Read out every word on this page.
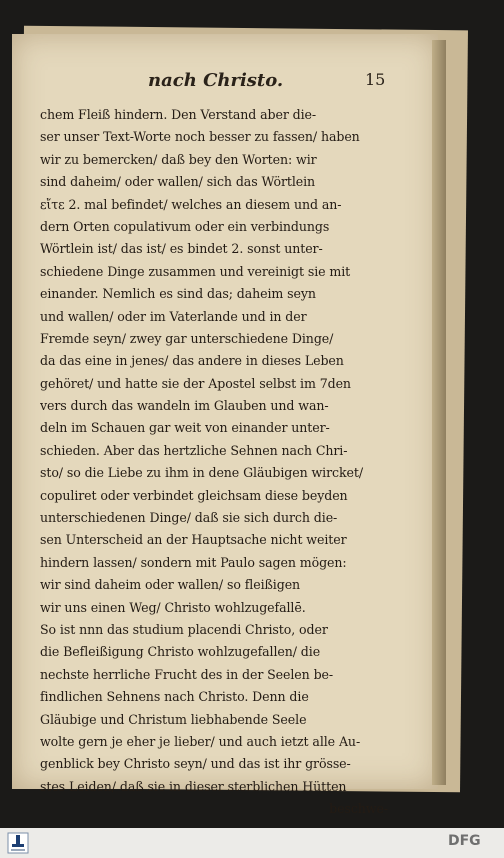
nach Christo.	15
chem Fleiß hindern. Den Verstand aber die-
ser unser Text-Worte noch besser zu fassen/ haben
wir zu bemercken/ daß bey den Worten: wir
sind daheim/ oder wallen/ sich das Wörtlein
εἴτε 2. mal befindet/ welches an diesem und an-
dern Orten copulativum oder ein verbindungs
Wörtlein ist/ das ist/ es bindet 2. sonst unter-
schiedene Dinge zusammen und vereinigt sie mit
einander. Nemlich es sind das; daheim seyn
und wallen/ oder im Vaterlande und in der
Fremde seyn/ zwey gar unterschiedene Dinge/
da das eine in jenes/ das andere in dieses Leben
gehöret/ und hatte sie der Apostel selbst im 7den
vers durch das wandeln im Glauben und wan-
deln im Schauen gar weit von einander unter-
schieden. Aber das hertzliche Sehnen nach Chri-
sto/ so die Liebe zu ihm in dene Gläubigen wircket/
copuliret oder verbindet gleichsam diese beyden
unterschiedenen Dinge/ daß sie sich durch die-
sen Unterscheid an der Hauptsache nicht weiter
hindern lassen/ sondern mit Paulo sagen mögen:
wir sind daheim oder wallen/ so fleißigen
wir uns einen Weg/ Christo wohlzugefallē.
So ist nnn das studium placendi Christo, oder
die Befleißigung Christo wohlzugefallen/ die
nechste herrliche Frucht des in der Seelen be-
findlichen Sehnens nach Christo. Denn die
Gläubige und Christum liebhabende Seele
wolte gern je eher je lieber/ und auch ietzt alle Au-
genblick bey Christo seyn/ und das ist ihr grösse-
stes Leiden/ daß sie in dieser sterblichen Hütten
beschwe-
DFG
